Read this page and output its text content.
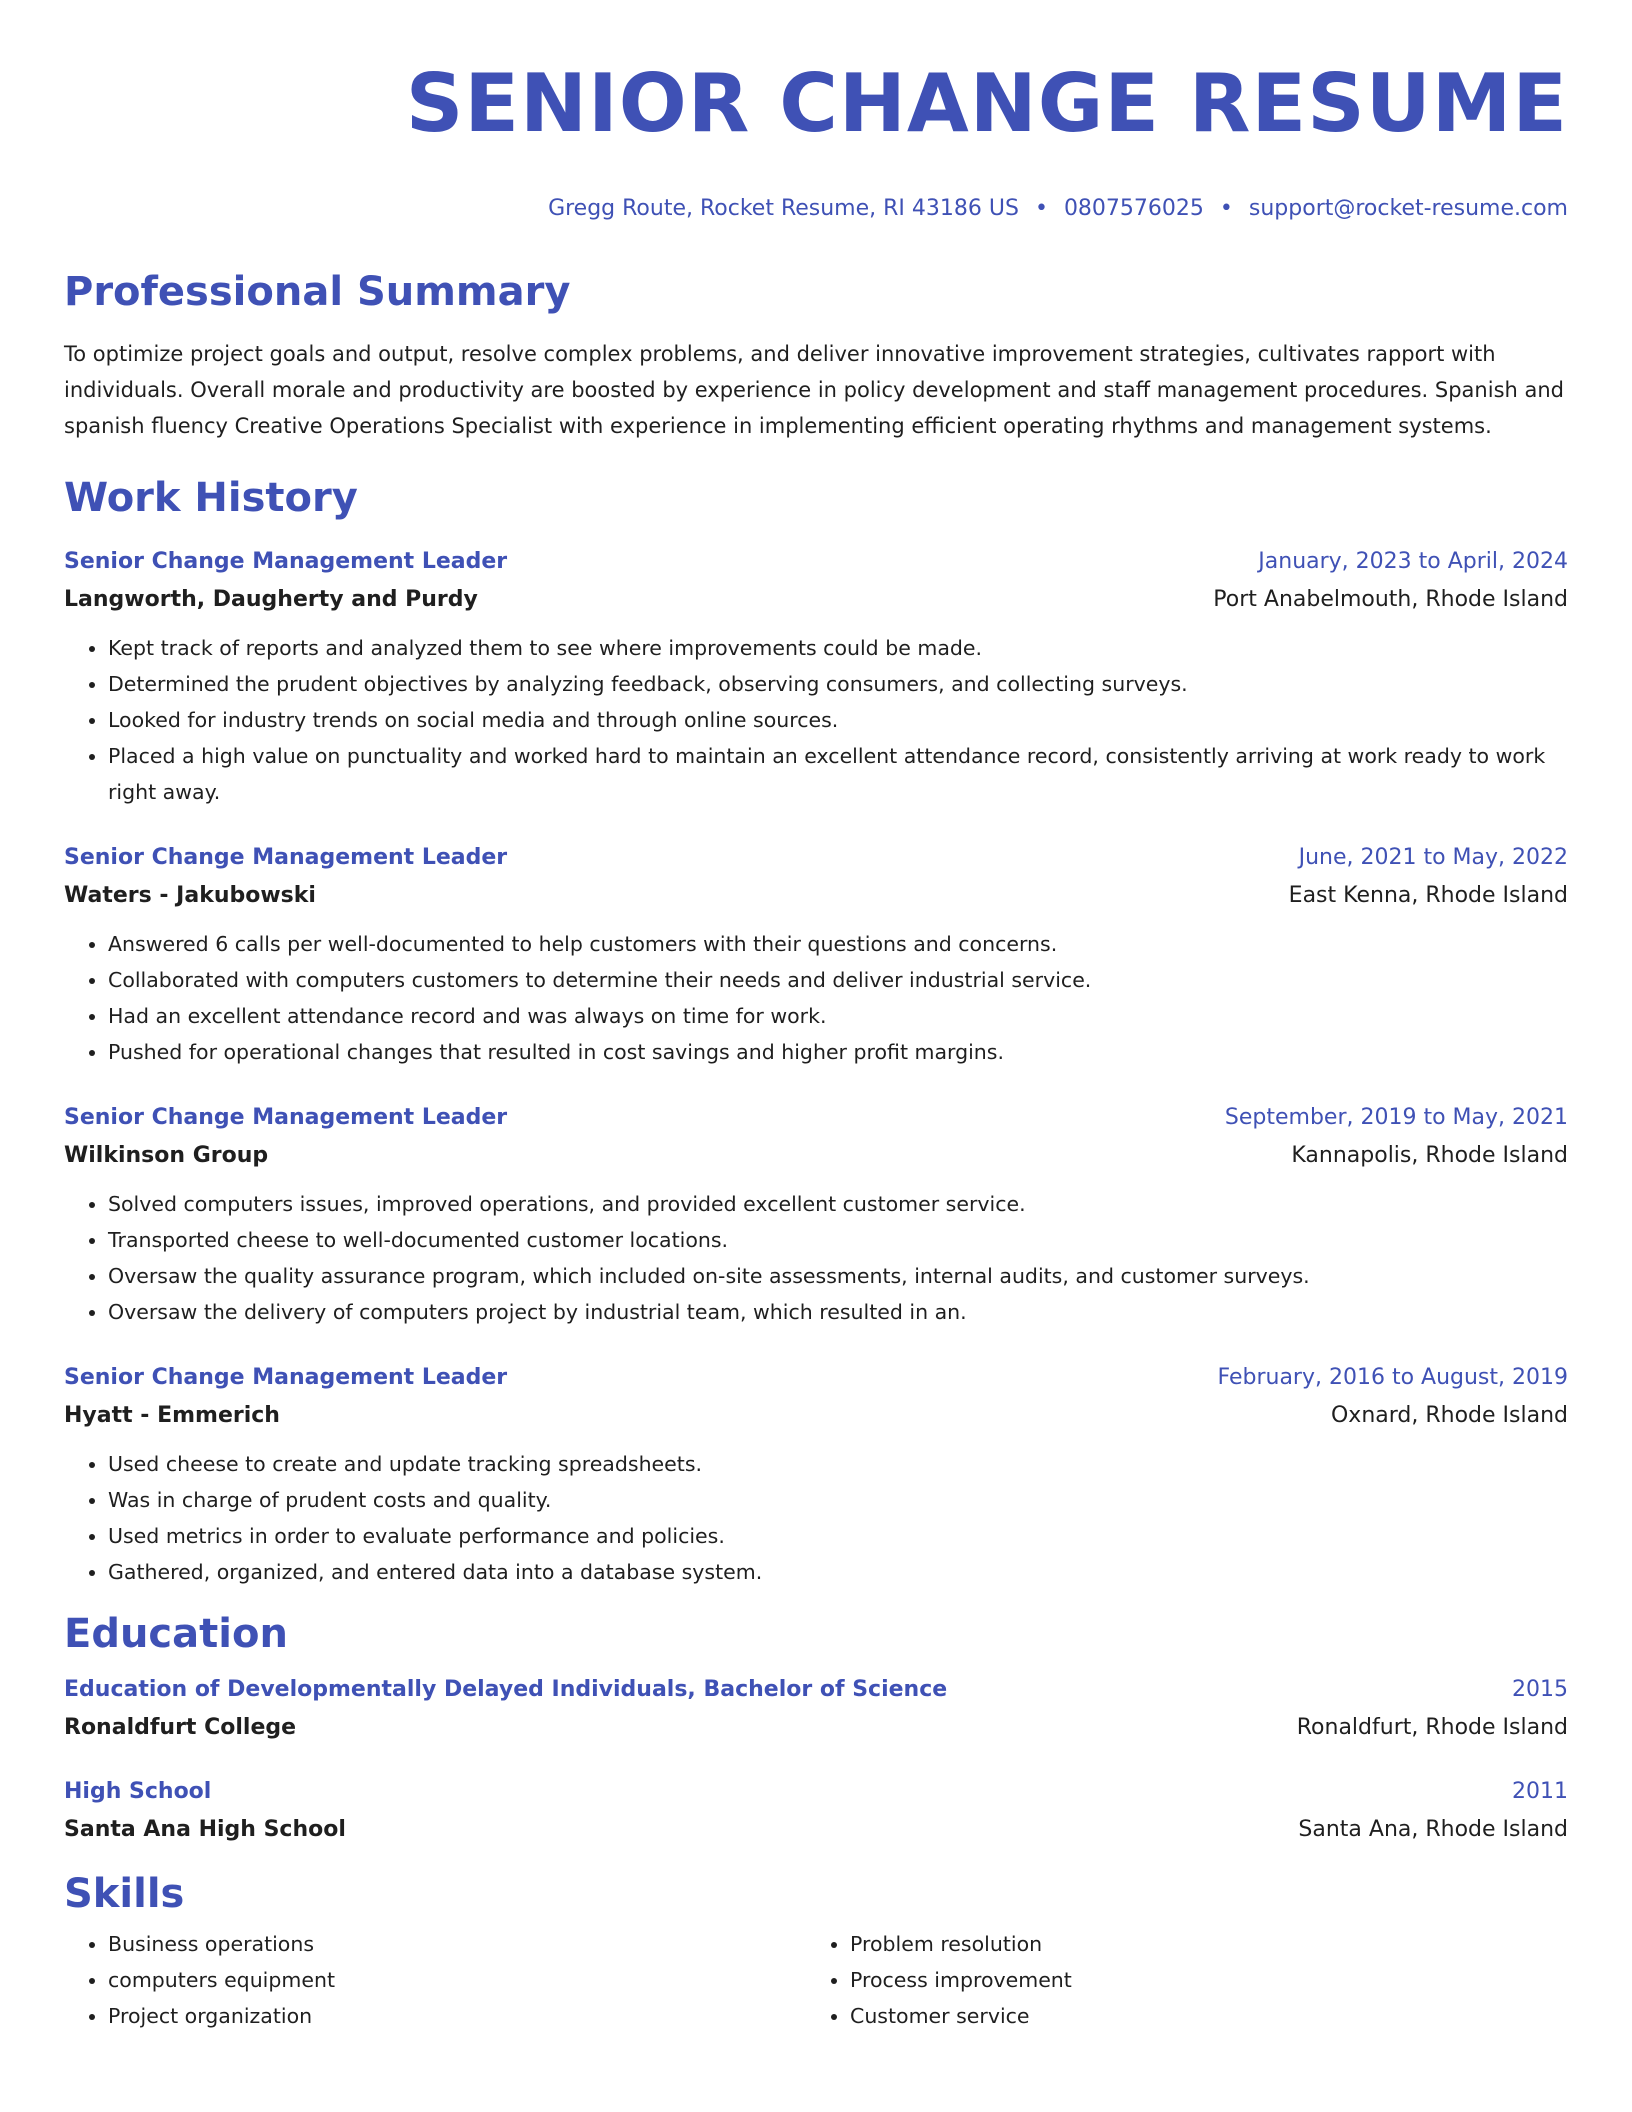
SENIOR CHANGE RESUME
Gregg Route, Rocket Resume, RI 43186 US • 0807576025 • support@rocket-resume.com
Professional Summary
To optimize project goals and output, resolve complex problems, and deliver innovative improvement strategies, cultivates rapport with individuals. Overall morale and productivity are boosted by experience in policy development and staff management procedures. Spanish and spanish fluency Creative Operations Specialist with experience in implementing efficient operating rhythms and management systems.
Work History
Senior Change Management Leader	January, 2023 to April, 2024
Langworth, Daugherty and Purdy	Port Anabelmouth, Rhode Island
• Kept track of reports and analyzed them to see where improvements could be made.
• Determined the prudent objectives by analyzing feedback, observing consumers, and collecting surveys.
• Looked for industry trends on social media and through online sources.
• Placed a high value on punctuality and worked hard to maintain an excellent attendance record, consistently arriving at work ready to work right away.
Senior Change Management Leader	June, 2021 to May, 2022
Waters - Jakubowski	East Kenna, Rhode Island
• Answered 6 calls per well-documented to help customers with their questions and concerns.
• Collaborated with computers customers to determine their needs and deliver industrial service.
• Had an excellent attendance record and was always on time for work.
• Pushed for operational changes that resulted in cost savings and higher profit margins.
Senior Change Management Leader	September, 2019 to May, 2021
Wilkinson Group	Kannapolis, Rhode Island
• Solved computers issues, improved operations, and provided excellent customer service.
• Transported cheese to well-documented customer locations.
• Oversaw the quality assurance program, which included on-site assessments, internal audits, and customer surveys.
• Oversaw the delivery of computers project by industrial team, which resulted in an.
Senior Change Management Leader	February, 2016 to August, 2019
Hyatt - Emmerich	Oxnard, Rhode Island
• Used cheese to create and update tracking spreadsheets.
• Was in charge of prudent costs and quality.
• Used metrics in order to evaluate performance and policies.
• Gathered, organized, and entered data into a database system.
Education
Education of Developmentally Delayed Individuals, Bachelor of Science	2015
Ronaldfurt College	Ronaldfurt, Rhode Island
High School	2011
Santa Ana High School	Santa Ana, Rhode Island
Skills
• Business operations
• computers equipment
• Project organization
• Problem resolution
• Process improvement
• Customer service
